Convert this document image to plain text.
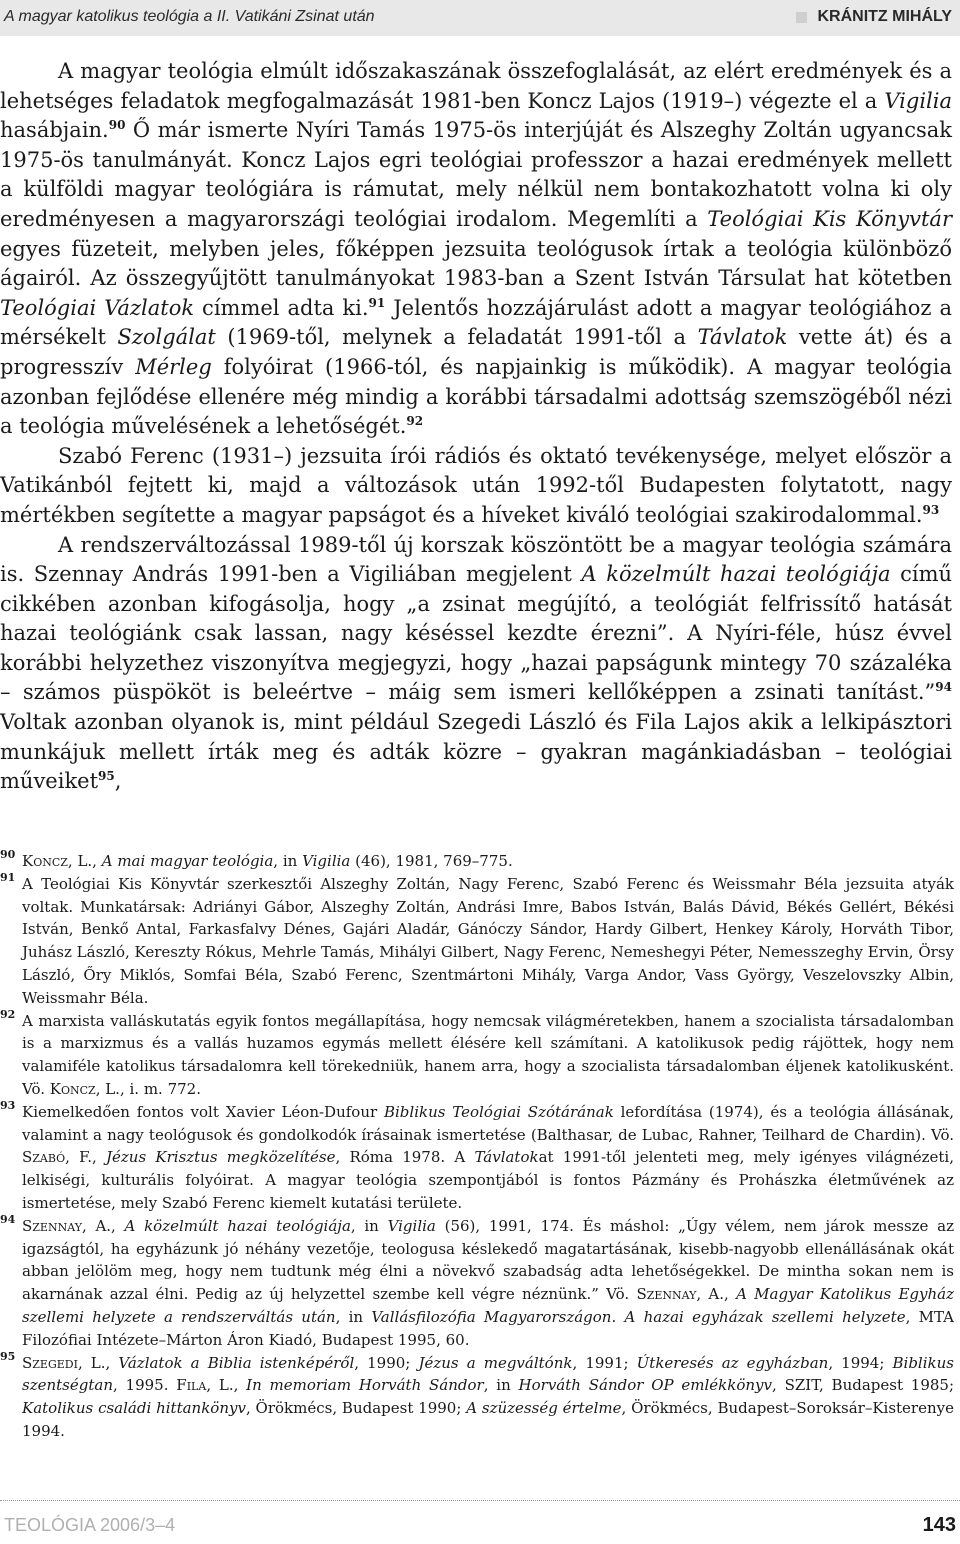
A magyar katolikus teológia a II. Vatikáni Zsinat után	KRÁNITZ MIHÁLY

A magyar teológia elmúlt időszakaszának összefoglalását, az elért eredmények és a lehetséges feladatok megfogalmazását 1981-ben Koncz Lajos (1919–) végezte el a Vigilia hasábjain.$^{90}$ Ő már ismerte Nyíri Tamás 1975-ös interjúját és Alszeghy Zoltán ugyancsak 1975-ös tanulmányát. Koncz Lajos egri teológiai professzor a hazai eredmények mellett a külföldi magyar teológiára is rámutat, mely nélkül nem bontakozhatott volna ki oly eredményesen a magyarországi teológiai irodalom. Megemlíti a Teológiai Kis Könyvtár egyes füzeteit, melyben jeles, főképpen jezsuita teológusok írtak a teológia különböző ágairól. Az összegyűjtött tanulmányokat 1983-ban a Szent István Társulat hat kötetben Teológiai Vázlatok címmel adta ki.$^{91}$ Jelentős hozzájárulást adott a magyar teológiához a mérsékelt Szolgálat (1969-től, melynek a feladatát 1991-től a Távlatok vette át) és a progresszív Mérleg folyóirat (1966-tól, és napjainkig is működik). A magyar teológia azonban fejlődése ellenére még mindig a korábbi társadalmi adottság szemszögéből nézi a teológia művelésének a lehetőségét.$^{92}$

Szabó Ferenc (1931–) jezsuita írói rádiós és oktató tevékenysége, melyet először a Vatikánból fejtett ki, majd a változások után 1992-től Budapesten folytatott, nagy mértékben segítette a magyar papságot és a híveket kiváló teológiai szakirodalommal.$^{93}$

A rendszerváltozással 1989-től új korszak köszöntött be a magyar teológia számára is. Szennay András 1991-ben a Vigiliában megjelent A közelmúlt hazai teológiája című cikkében azonban kifogásolja, hogy „a zsinat megújító, a teológiát felfrissítő hatását hazai teológiánk csak lassan, nagy késéssel kezdte érezni”. A Nyíri-féle, húsz évvel korábbi helyzethez viszonyítva megjegyzi, hogy „hazai papságunk mintegy 70 százaléka – számos püspököt is beleértve – máig sem ismeri kellőképpen a zsinati tanítást.”$^{94}$ Voltak azonban olyanok is, mint például Szegedi László és Fila Lajos akik a lelkipásztori munkájuk mellett írták meg és adták közre – gyakran magánkiadásban – teológiai műveiket$^{95}$,

90 Koncz, L., A mai magyar teológia, in Vigilia (46), 1981, 769–775.
91 A Teológiai Kis Könyvtár szerkesztői Alszeghy Zoltán, Nagy Ferenc, Szabó Ferenc és Weissmahr Béla jezsuita atyák voltak. Munkatársak: Adriányi Gábor, Alszeghy Zoltán, Andrási Imre, Babos István, Balás Dávid, Békés Gellért, Békési István, Benkő Antal, Farkasfalvy Dénes, Gajári Aladár, Gánóczy Sándor, Hardy Gilbert, Henkey Károly, Horváth Tibor, Juhász László, Kereszty Rókus, Mehrle Tamás, Mihályi Gilbert, Nagy Ferenc, Nemeshegyi Péter, Nemesszeghy Ervin, Örsy László, Őry Miklós, Somfai Béla, Szabó Ferenc, Szentmártoni Mihály, Varga Andor, Vass György, Veszelovszky Albin, Weissmahr Béla.
92 A marxista valláskutatás egyik fontos megállapítása, hogy nemcsak világméretekben, hanem a szocialista társadalomban is a marxizmus és a vallás huzamos egymás mellett élésére kell számítani. A katolikusok pedig rájöttek, hogy nem valamiféle katolikus társadalomra kell törekedniük, hanem arra, hogy a szocialista társadalomban éljenek katolikusként. Vö. Koncz, L., i. m. 772.
93 Kiemelkedően fontos volt Xavier Léon-Dufour Biblikus Teológiai Szótárának lefordítása (1974), és a teológia állásának, valamint a nagy teológusok és gondolkodók írásainak ismertetése (Balthasar, de Lubac, Rahner, Teilhard de Chardin). Vö. Szabó, F., Jézus Krisztus megközelítése, Róma 1978. A Távlatokat 1991-től jelenteti meg, mely igényes világnézeti, lelkiségi, kulturális folyóirat. A magyar teológia szempontjából is fontos Pázmány és Prohászka életművének az ismertetése, mely Szabó Ferenc kiemelt kutatási területe.
94 Szennay, A., A közelmúlt hazai teológiája, in Vigilia (56), 1991, 174. És máshol: „Úgy vélem, nem járok messze az igazságtól, ha egyházunk jó néhány vezetője, teologusa késlekedő magatartásának, kisebb-nagyobb ellenállásának okát abban jelölöm meg, hogy nem tudtunk még élni a növekvő szabadság adta lehetőségekkel. De mintha sokan nem is akarnának azzal élni. Pedig az új helyzettel szembe kell végre néznünk.” Vö. Szennay, A., A Magyar Katolikus Egyház szellemi helyzete a rendszerváltás után, in Vallásfilozófia Magyarországon. A hazai egyházak szellemi helyzete, MTA Filozófiai Intézete–Márton Áron Kiadó, Budapest 1995, 60.
95 Szegedi, L., Vázlatok a Biblia istenképéről, 1990; Jézus a megváltónk, 1991; Útkeresés az egyházban, 1994; Biblikus szentségtan, 1995. Fila, L., In memoriam Horváth Sándor, in Horváth Sándor OP emlékkönyv, SZIT, Budapest 1985; Katolikus családi hittankönyv, Örökmécs, Budapest 1990; A szüzesség értelme, Örökmécs, Budapest–Soroksár–Kisterenye 1994.
TEOLÓGIA 2006/3–4	143
